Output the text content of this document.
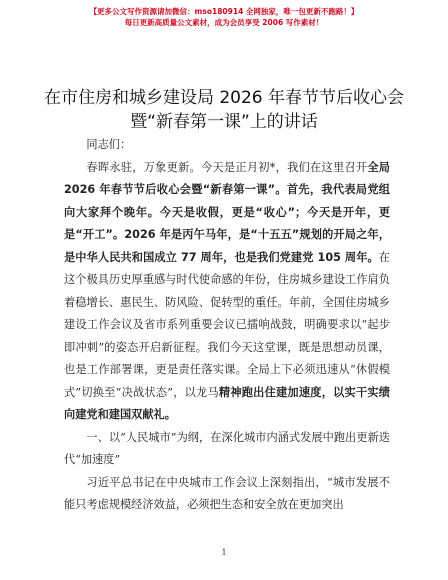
【更多公文写作资源请加微信：mso180914 全网独家，唯一包更新不跑路！】
每日更新高质量公文素材，成为会员享受 2006 写作素材！
在市住房和城乡建设局 2026 年春节节后收心会
暨“新春第一课”上的讲话

同志们：

春晖永驻，万象更新。今天是正月初*，我们在这里召开全局 2026 年春节节后收心会暨“新春第一课”。首先，我代表局党组向大家拜个晚年。今天是收假，更是“收心”；今天是开年，更是“开工”。2026 年是丙午马年，是“十五五”规划的开局之年，是中华人民共和国成立 77 周年，也是我们党建党 105 周年。在这个极具历史厚重感与时代使命感的年份，住房城乡建设工作肩负着稳增长、惠民生、防风险、促转型的重任。年前，全国住房城乡建设工作会议及省市系列重要会议已擂响战鼓，明确要求以“起步即冲刺”的姿态开启新征程。我们今天这堂课，既是思想动员课，也是工作部署课，更是责任落实课。全局上下必须迅速从“休假模式”切换至“决战状态”，以龙马精神跑出住建加速度，以实干实绩向建党和建国双献礼。

一、以“人民城市”为纲，在深化城市内涵式发展中跑出更新迭代“加速度”

习近平总书记在中央城市工作会议上深刻指出，“城市发展不能只考虑规模经济效益，必须把生态和安全放在更加突出

1
